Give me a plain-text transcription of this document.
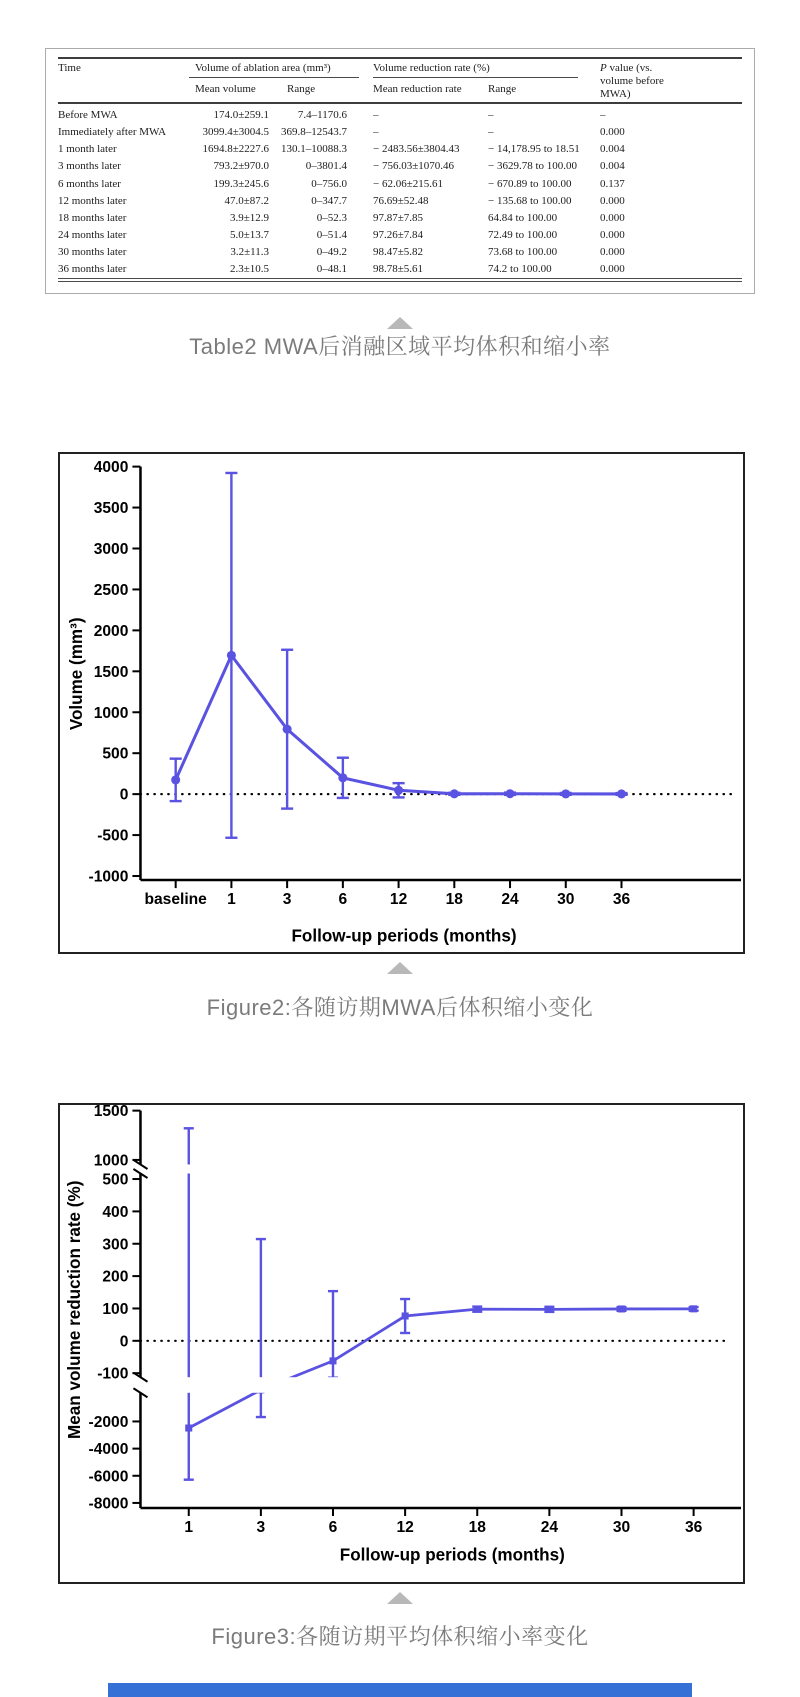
Time	Volume of ablation area (mm³)		Volume reduction rate (%)		P value (vs. volume before MWA)
	Mean volume	Range	Mean reduction rate	Range	
Before MWA	174.0±259.1	7.4–1170.6	–	–	–
Immediately after MWA	3099.4±3004.5	369.8–12543.7	–	–	0.000
1 month later	1694.8±2227.6	130.1–10088.3	− 2483.56±3804.43	− 14,178.95 to 18.51	0.004
3 months later	793.2±970.0	0–3801.4	− 756.03±1070.46	− 3629.78 to 100.00	0.004
6 months later	199.3±245.6	0–756.0	− 62.06±215.61	− 670.89 to 100.00	0.137
12 months later	47.0±87.2	0–347.7	76.69±52.48	− 135.68 to 100.00	0.000
18 months later	3.9±12.9	0–52.3	97.87±7.85	64.84 to 100.00	0.000
24 months later	5.0±13.7	0–51.4	97.26±7.84	72.49 to 100.00	0.000
30 months later	3.2±11.3	0–49.2	98.47±5.82	73.68 to 100.00	0.000
36 months later	2.3±10.5	0–48.1	98.78±5.61	74.2 to 100.00	0.000

Table2 MWA后消融区域平均体积和缩小率
4000
3500
3000
2500
2000
1500
1000
500
0
-500
-1000
baseline 1	3	6	12 18 24 30 36
Follow-up periods (months)
Volume (mm³)
Figure2:各随访期MWA后体积缩小变化
1500
1000
500
400
300
200
100
0
-100
-2000
-4000
-6000
-8000
1	3	6	12	18	24	30	36
Follow-up periods (months)
Mean volume reduction rate (%)
Figure3:各随访期平均体积缩小率变化
